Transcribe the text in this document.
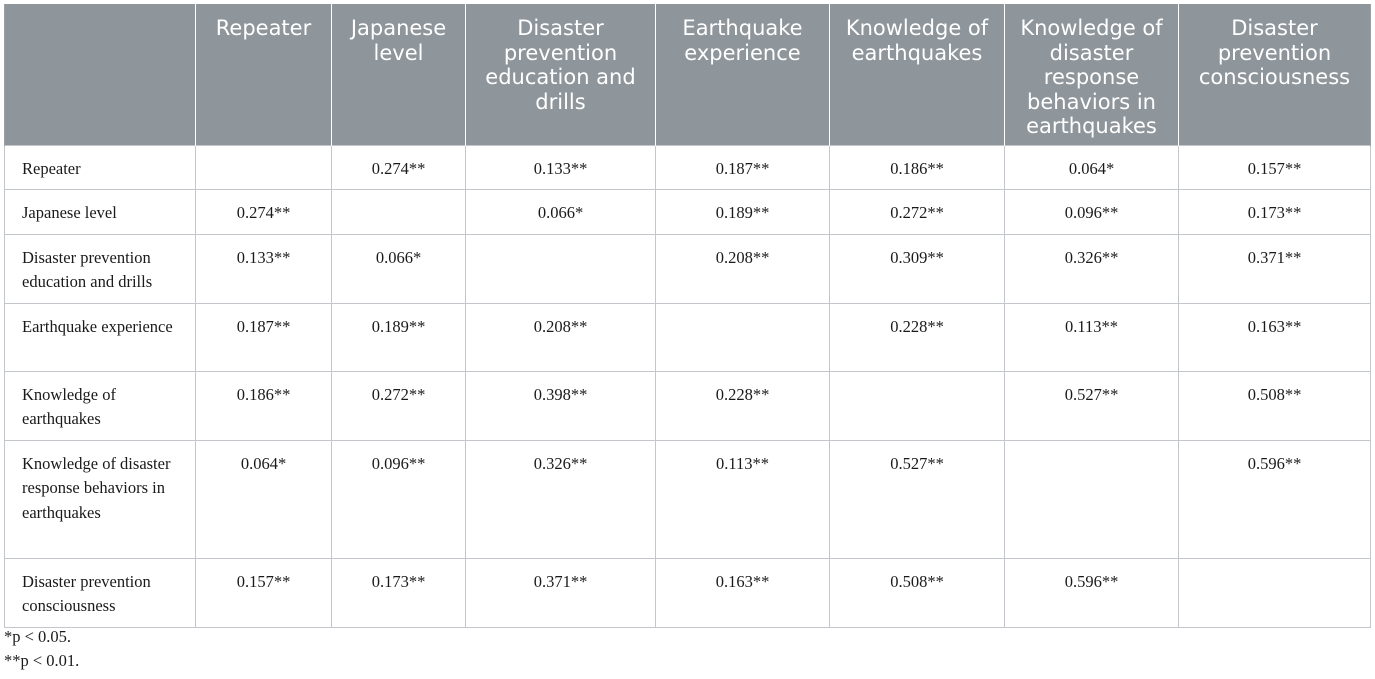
	Repeater	Japanese level	Disaster prevention education and drills	Earthquake experience	Knowledge of earthquakes	Knowledge of disaster response behaviors in earthquakes	Disaster prevention consciousness
Repeater		0.274**	0.133**	0.187**	0.186**	0.064*	0.157**
Japanese level	0.274**		0.066*	0.189**	0.272**	0.096**	0.173**
Disaster prevention education and drills	0.133**	0.066*		0.208**	0.309**	0.326**	0.371**
Earthquake experience	0.187**	0.189**	0.208**		0.228**	0.113**	0.163**
Knowledge of earthquakes	0.186**	0.272**	0.398**	0.228**		0.527**	0.508**
Knowledge of disaster response behaviors in earthquakes	0.064*	0.096**	0.326**	0.113**	0.527**		0.596**
Disaster prevention consciousness	0.157**	0.173**	0.371**	0.163**	0.508**	0.596**	
*p < 0.05.
**p < 0.01.
